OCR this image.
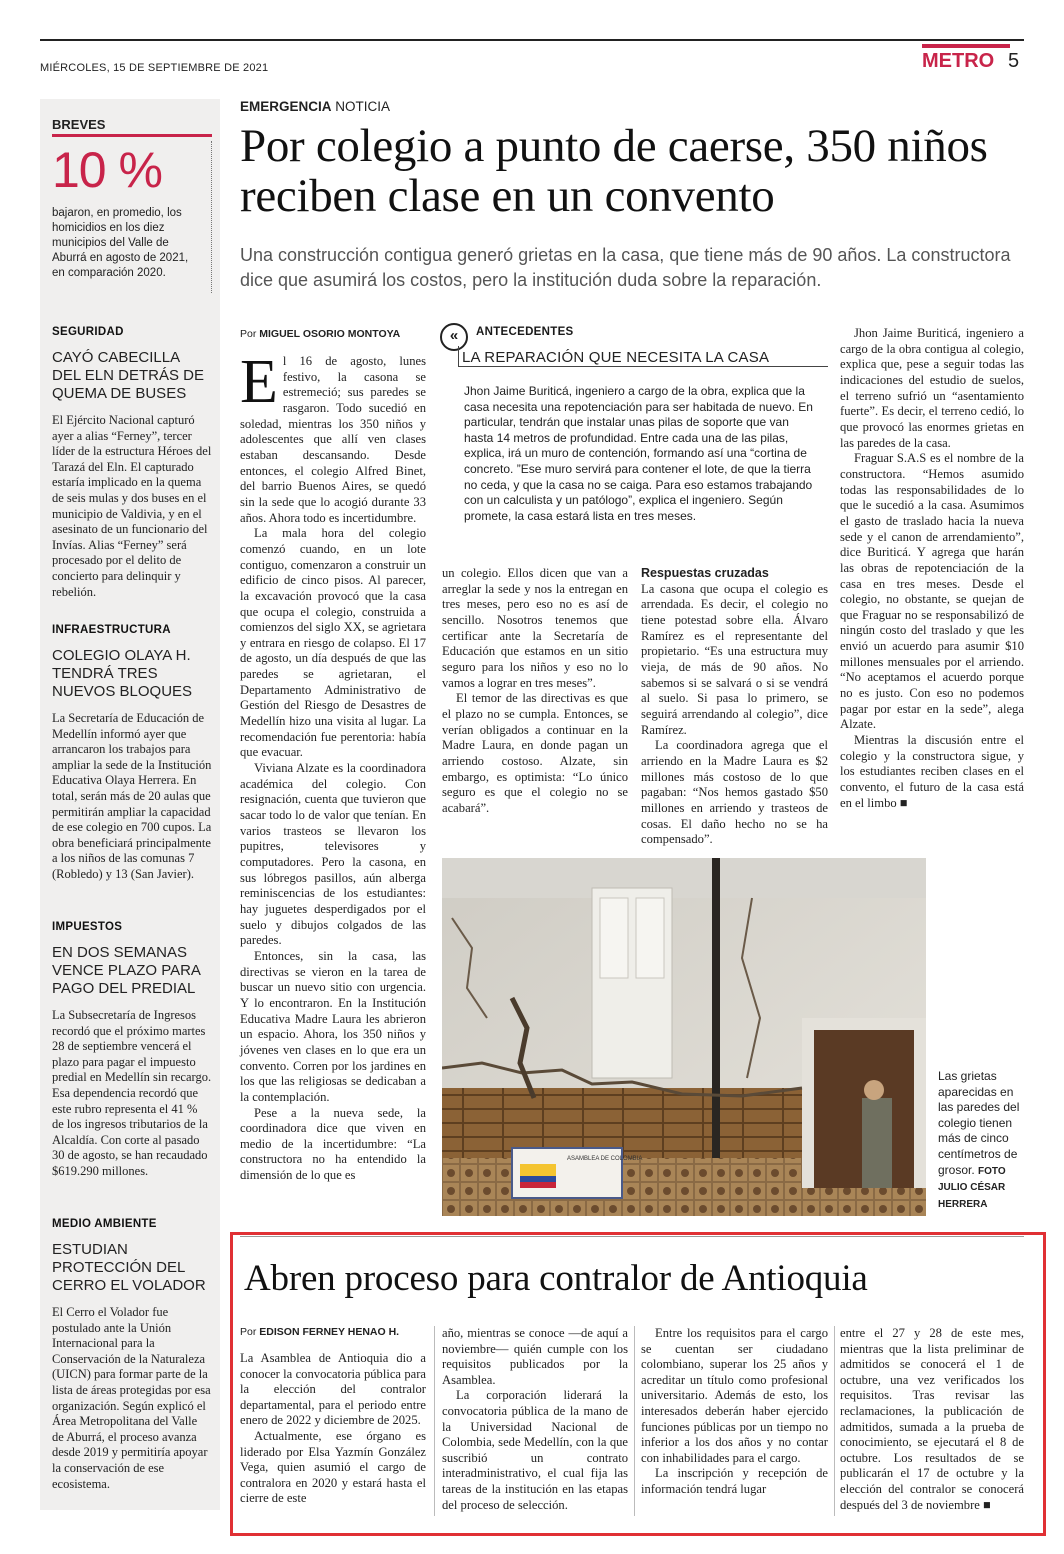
MIÉRCOLES, 15 DE SEPTIEMBRE DE 2021	METRO 5
BREVES
10 %
bajaron, en promedio, los homicidios en los diez municipios del Valle de Aburrá en agosto de 2021, en comparación 2020.
SEGURIDAD
CAYÓ CABECILLA DEL ELN DETRÁS DE QUEMA DE BUSES
El Ejército Nacional capturó ayer a alias “Ferney”, tercer líder de la estructura Héroes del Tarazá del Eln. El capturado estaría implicado en la quema de seis mulas y dos buses en el municipio de Valdivia, y en el asesinato de un funcionario del Invías. Alias “Ferney” será procesado por el delito de concierto para delinquir y rebelión.
INFRAESTRUCTURA
COLEGIO OLAYA H. TENDRÁ TRES NUEVOS BLOQUES
La Secretaría de Educación de Medellín informó ayer que arrancaron los trabajos para ampliar la sede de la Institución Educativa Olaya Herrera. En total, serán más de 20 aulas que permitirán ampliar la capacidad de ese colegio en 700 cupos. La obra beneficiará principalmente a los niños de las comunas 7 (Robledo) y 13 (San Javier).
IMPUESTOS
EN DOS SEMANAS VENCE PLAZO PARA PAGO DEL PREDIAL
La Subsecretaría de Ingresos recordó que el próximo martes 28 de septiembre vencerá el plazo para pagar el impuesto predial en Medellín sin recargo. Esa dependencia recordó que este rubro representa el 41 % de los ingresos tributarios de la Alcaldía. Con corte al pasado 30 de agosto, se han recaudado $619.290 millones.
MEDIO AMBIENTE
ESTUDIAN PROTECCIÓN DEL CERRO EL VOLADOR
El Cerro el Volador fue postulado ante la Unión Internacional para la Conservación de la Naturaleza (UICN) para formar parte de la lista de áreas protegidas por esa organización. Según explicó el Área Metropolitana del Valle de Aburrá, el proceso avanza desde 2019 y permitiría apoyar la conservación de ese ecosistema.
EMERGENCIA NOTICIA
Por colegio a punto de caerse, 350 niños reciben clase en un convento
Una construcción contigua generó grietas en la casa, que tiene más de 90 años. La constructora dice que asumirá los costos, pero la institución duda sobre la reparación.
Por MIGUEL OSORIO MONTOYA

El 16 de agosto, lunes festivo, la casona se estremeció; sus paredes se rasgaron. Todo sucedió en soledad, mientras los 350 niños y adolescentes que allí ven clases estaban descansando. Desde entonces, el colegio Alfred Binet, del barrio Buenos Aires, se quedó sin la sede que lo acogió durante 33 años. Ahora todo es incertidumbre.

La mala hora del colegio comenzó cuando, en un lote contiguo, comenzaron a construir un edificio de cinco pisos. Al parecer, la excavación provocó que la casa que ocupa el colegio, construida a comienzos del siglo XX, se agrietara y entrara en riesgo de colapso. El 17 de agosto, un día después de que las paredes se agrietaran, el Departamento Administrativo de Gestión del Riesgo de Desastres de Medellín hizo una visita al lugar. La recomendación fue perentoria: había que evacuar.

Viviana Alzate es la coordinadora académica del colegio. Con resignación, cuenta que tuvieron que sacar todo lo de valor que tenían. En varios trasteos se llevaron los pupitres, televisores y computadores. Pero la casona, en sus lóbregos pasillos, aún alberga reminiscencias de los estudiantes: hay juguetes desperdigados por el suelo y dibujos colgados de las paredes.

Entonces, sin la casa, las directivas se vieron en la tarea de buscar un nuevo sitio con urgencia. Y lo encontraron. En la Institución Educativa Madre Laura les abrieron un espacio. Ahora, los 350 niños y jóvenes ven clases en lo que era un convento. Corren por los jardines en los que las religiosas se dedicaban a la contemplación.

Pese a la nueva sede, la coordinadora dice que viven en medio de la incertidumbre: “La constructora no ha entendido la dimensión de lo que es

«	ANTECEDENTES
LA REPARACIÓN QUE NECESITA LA CASA
Jhon Jaime Buriticá, ingeniero a cargo de la obra, explica que la casa necesita una repotenciación para ser habitada de nuevo. En particular, tendrán que instalar unas pilas de soporte que van hasta 14 metros de profundidad. Entre cada una de las pilas, explica, irá un muro de contención, formando así una “cortina de concreto. ”Ese muro servirá para contener el lote, de que la tierra no ceda, y que la casa no se caiga. Para eso estamos trabajando con un calculista y un patólogo”, explica el ingeniero. Según promete, la casa estará lista en tres meses.

un colegio. Ellos dicen que van a arreglar la sede y nos la entregan en tres meses, pero eso no es así de sencillo. Nosotros tenemos que certificar ante la Secretaría de Educación que estamos en un sitio seguro para los niños y eso no lo vamos a lograr en tres meses”.

El temor de las directivas es que el plazo no se cumpla. Entonces, se verían obligados a continuar en la Madre Laura, en donde pagan un arriendo costoso. Alzate, sin embargo, es optimista: “Lo único seguro es que el colegio no se acabará”.

Respuestas cruzadas

La casona que ocupa el colegio es arrendada. Es decir, el colegio no tiene potestad sobre ella. Álvaro Ramírez es el representante del propietario. “Es una estructura muy vieja, de más de 90 años. No sabemos si se salvará o si se vendrá al suelo. Si pasa lo primero, se seguirá arrendando al colegio”, dice Ramírez.

La coordinadora agrega que el arriendo en la Madre Laura es $2 millones más costoso de lo que pagaban: “Nos hemos gastado $50 millones en arriendo y trasteos de cosas. El daño hecho no se ha compensado”.

Jhon Jaime Buriticá, ingeniero a cargo de la obra contigua al colegio, explica que, pese a seguir todas las indicaciones del estudio de suelos, el terreno sufrió un “asentamiento fuerte”. Es decir, el terreno cedió, lo que provocó las enormes grietas en las paredes de la casa.

Fraguar S.A.S es el nombre de la constructora. “Hemos asumido todas las responsabilidades de lo que le sucedió a la casa. Asumimos el gasto de traslado hacia la nueva sede y el canon de arrendamiento”, dice Buriticá. Y agrega que harán las obras de repotenciación de la casa en tres meses. Desde el colegio, no obstante, se quejan de que Fraguar no se responsabilizó de ningún costo del traslado y que les envió un acuerdo para asumir $10 millones mensuales por el arriendo. “No aceptamos el acuerdo porque no es justo. Con eso no podemos pagar por estar en la sede”, alega Alzate.

Mientras la discusión entre el colegio y la constructora sigue, y los estudiantes reciben clases en el convento, el futuro de la casa está en el limbo ■

ASAMBLEA DE COLOMBIA
Las grietas aparecidas en las paredes del colegio tienen más de cinco centímetros de grosor. FOTO JULIO CÉSAR HERRERA
Abren proceso para contralor de Antioquia
Por EDISON FERNEY HENAO H.

La Asamblea de Antioquia dio a conocer la convocatoria pública para la elección del contralor departamental, para el periodo entre enero de 2022 y diciembre de 2025.

Actualmente, ese órgano es liderado por Elsa Yazmín González Vega, quien asumió el cargo de contralora en 2020 y estará hasta el cierre de este

año, mientras se conoce —de aquí a noviembre— quién cumple con los requisitos publicados por la Asamblea.

La corporación liderará la convocatoria pública de la mano de la Universidad Nacional de Colombia, sede Medellín, con la que suscribió un contrato interadministrativo, el cual fija las tareas de la institución en las etapas del proceso de selección.

Entre los requisitos para el cargo se cuentan ser ciudadano colombiano, superar los 25 años y acreditar un título como profesional universitario. Además de esto, los interesados deberán haber ejercido funciones públicas por un tiempo no inferior a los dos años y no contar con inhabilidades para el cargo.

La inscripción y recepción de información tendrá lugar

entre el 27 y 28 de este mes, mientras que la lista preliminar de admitidos se conocerá el 1 de octubre, una vez verificados los requisitos. Tras revisar las reclamaciones, la publicación de admitidos, sumada a la prueba de conocimiento, se ejecutará el 8 de octubre. Los resultados de se publicarán el 17 de octubre y la elección del contralor se conocerá después del 3 de noviembre ■
